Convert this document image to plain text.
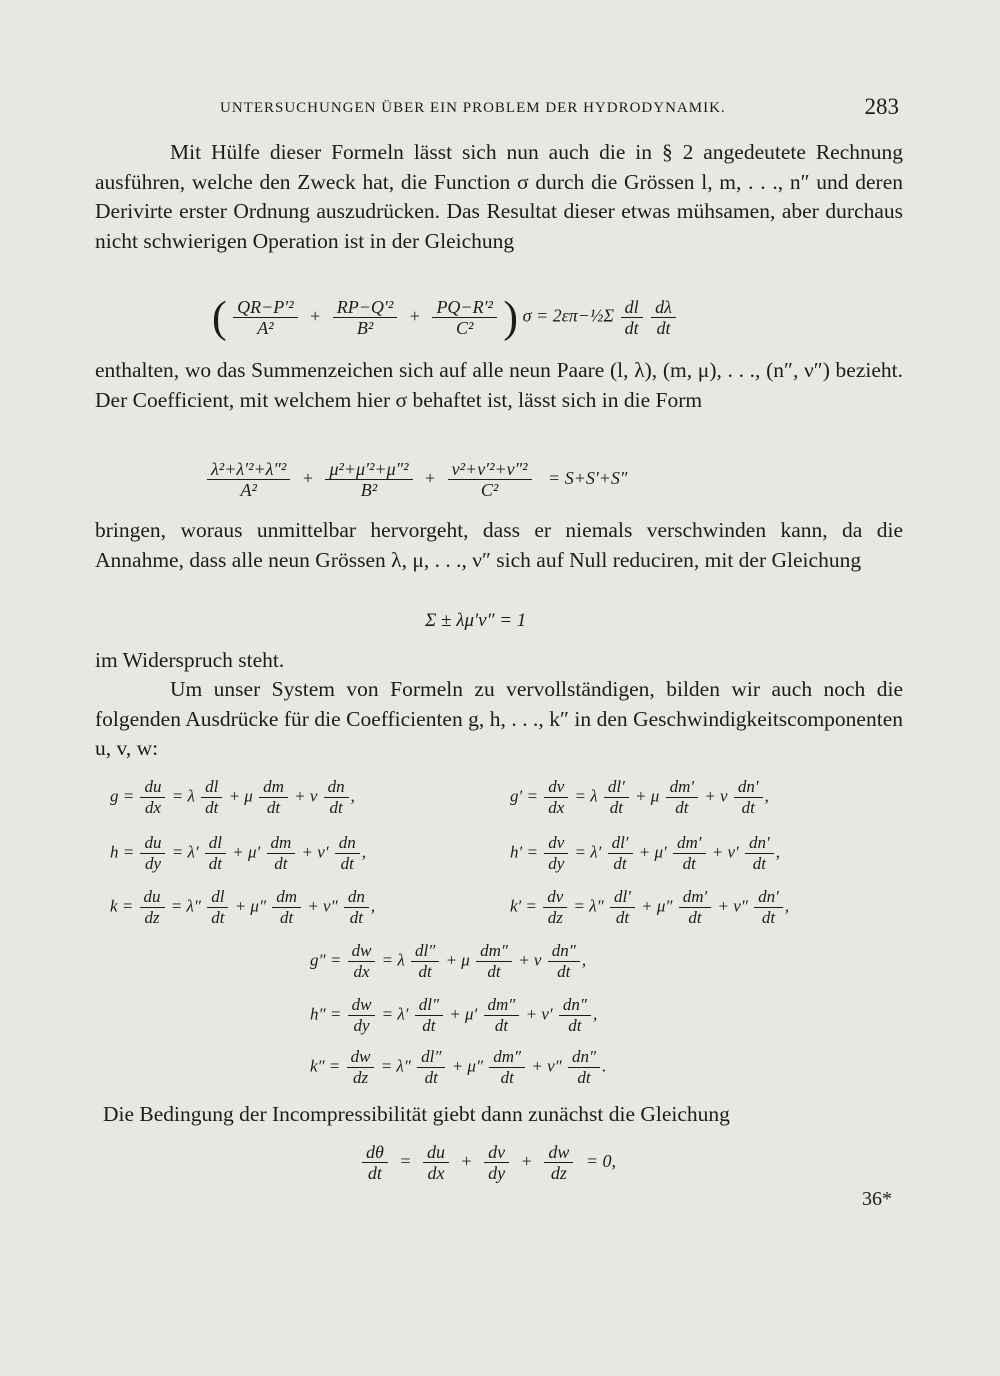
UNTERSUCHUNGEN ÜBER EIN PROBLEM DER HYDRODYNAMIK.	283

Mit Hülfe dieser Formeln lässt sich nun auch die in § 2 angedeutete Rechnung ausführen, welche den Zweck hat, die Function σ durch die Grössen l, m, . . ., n″ und deren Derivirte erster Ordnung auszudrücken. Das Resultat dieser etwas mühsamen, aber durchaus nicht schwierigen Operation ist in der Gleichung

( $\frac{\text{QR−P′²}}{\text{A²}} + \frac{\text{RP−Q′²}}{\text{B²}} + \frac{\text{PQ−R′²}}{\text{C²}}$ ) σ = 2επ−½Σ $\frac{dl}{dt}$
$\frac{d\lambda}{dt}$

enthalten, wo das Summenzeichen sich auf alle neun Paare (l, λ), (m, μ), . . ., (n″, ν″) bezieht. Der Coefficient, mit welchem hier σ behaftet ist, lässt sich in die Form

$\frac{\text{λ²+λ′²+λ″²}}{\text{A²}} + \frac{\text{μ²+μ′²+μ″²}}{\text{B²}} + \frac{\text{ν²+ν′²+ν″²}}{\text{C²}} = S+S'+S''$

bringen, woraus unmittelbar hervorgeht, dass er niemals verschwinden kann, da die Annahme, dass alle neun Grössen λ, μ, . . ., ν″ sich auf Null reduciren, mit der Gleichung

Σ ± λμ′ν″ = 1

im Widerspruch steht.

Um unser System von Formeln zu vervollständigen, bilden wir auch noch die folgenden Ausdrücke für die Coefficienten g, h, . . ., k″ in den Geschwindigkeitscomponenten u, v, w:

$g = \frac{du}{dx} = \lambda \frac{dl}{dt} + \mu \frac{dm}{dt} + \nu \frac{dn}{dt}$ ,	$g' = \frac{dv}{dx} = \lambda \frac{dl'}{dt} + \mu \frac{dm'}{dt} + \nu \frac{dn'}{dt}$ ,
$h = \frac{du}{dy} = \lambda' \frac{dl}{dt} + \mu' \frac{dm}{dt} + \nu' \frac{dn}{dt}$ ,	$h' = \frac{dv}{dy} = \lambda' \frac{dl'}{dt} + \mu' \frac{dm'}{dt} + \nu' \frac{dn'}{dt}$ ,
$k = \frac{du}{dz} = \lambda'' \frac{dl}{dt} + \mu'' \frac{dm}{dt} + \nu'' \frac{dn}{dt}$ ,	$k' = \frac{dv}{dz} = \lambda'' \frac{dl'}{dt} + \mu'' \frac{dm'}{dt} + \nu'' \frac{dn'}{dt}$ ,
$g'' = \frac{dw}{dx} = \lambda \frac{dl''}{dt} + \mu \frac{dm''}{dt} + \nu \frac{dn''}{dt}$ ,
$h'' = \frac{dw}{dy} = \lambda' \frac{dl''}{dt} + \mu' \frac{dm''}{dt} + \nu' \frac{dn''}{dt}$ ,
$k'' = \frac{dw}{dz} = \lambda'' \frac{dl''}{dt} + \mu'' \frac{dm''}{dt} + \nu'' \frac{dn''}{dt}$ .

Die Bedingung der Incompressibilität giebt dann zunächst die Gleichung

$\frac{d\theta}{dt} = \frac{du}{dx} + \frac{dv}{dy} + \frac{dw}{dz} = 0$,
36*
